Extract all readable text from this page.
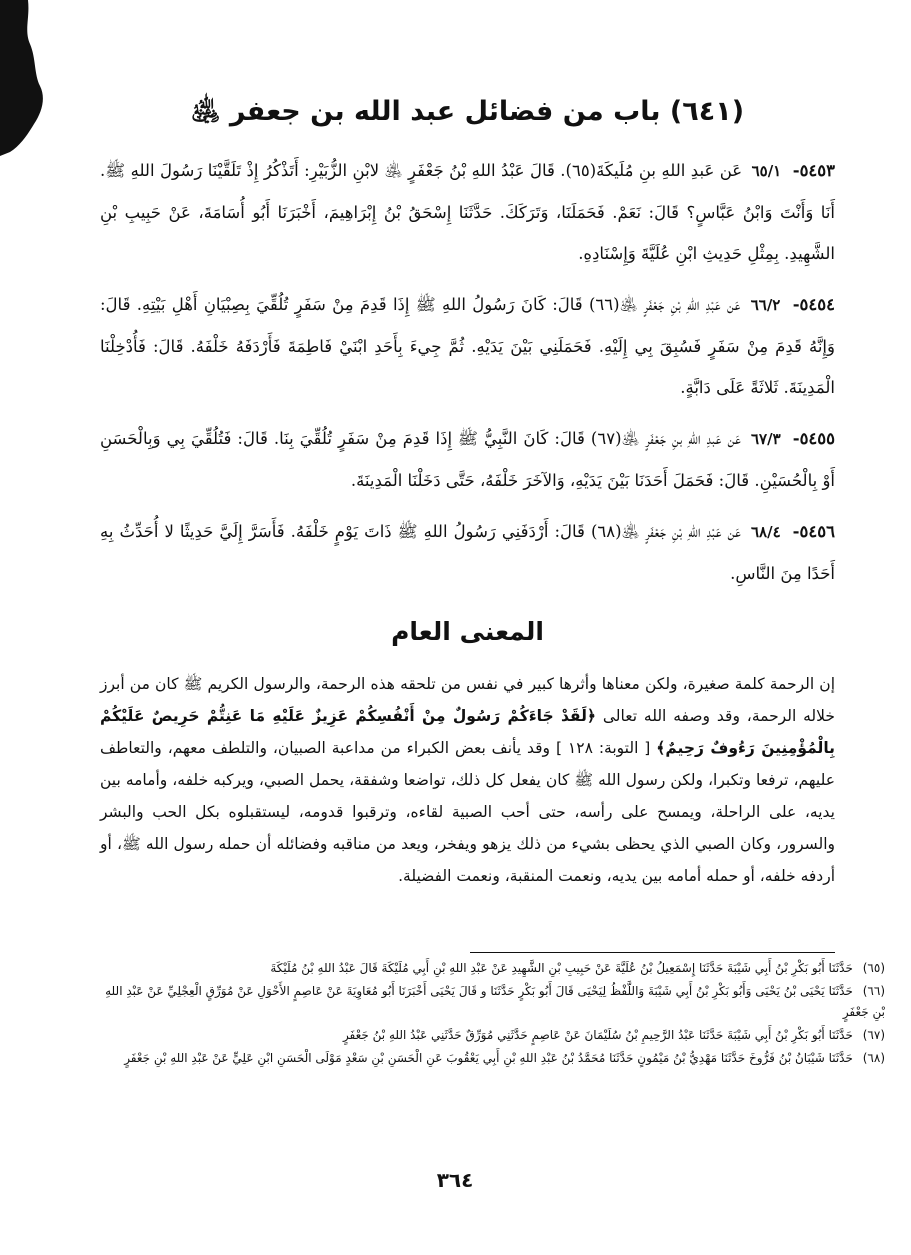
(٦٤١) باب من فضائل عبد الله بن جعفر ﵁

٥٤٥٣- ٦٥/١ عَن عَبدِ اللهِ بنِ مُلَيكَةَ(٦٥). قَالَ عَبْدُ اللهِ بْنُ جَعْفَرٍ ﵁ لابْنِ الزُّبَيْرِ: أَتَذْكُرُ إِذْ تَلَقَّيْنَا رَسُولَ اللهِ ﷺ. أَنَا وَأَنْتَ وَابْنُ عَبَّاسٍ؟ قَالَ: نَعَمْ. فَحَمَلَنَا، وَتَرَكَكَ. حَدَّثَنَا إِسْحَقُ بْنُ إِبْرَاهِيمَ، أَخْبَرَنَا أَبُو أُسَامَةَ، عَنْ حَبِيبِ بْنِ الشَّهِيدِ. بِمِثْلِ حَدِيثِ ابْنِ عُلَيَّةَ وَإِسْنَادِهِ.

٥٤٥٤- ٦٦/٢ عَن عَبْدِ اللهِ بْنِ جَعْفَرٍ ﵁(٦٦) قَالَ: كَانَ رَسُولُ اللهِ ﷺ إِذَا قَدِمَ مِنْ سَفَرٍ تُلُقِّيَ بِصِبْيَانِ أَهْلِ بَيْتِهِ. قَالَ: وَإِنَّهُ قَدِمَ مِنْ سَفَرٍ فَسُبِقَ بِي إِلَيْهِ. فَحَمَلَنِي بَيْنَ يَدَيْهِ. ثُمَّ جِيءَ بِأَحَدِ ابْنَيْ فَاطِمَةَ فَأَرْدَفَهُ خَلْفَهُ. قَالَ: فَأُدْخِلْنَا الْمَدِينَةَ. ثَلاثَةً عَلَى دَابَّةٍ.

٥٤٥٥- ٦٧/٣ عَن عَبدِ اللهِ بنِ جَعْفَرٍ ﵁(٦٧) قَالَ: كَانَ النَّبِيُّ ﷺ إِذَا قَدِمَ مِنْ سَفَرٍ تُلُقِّيَ بِنَا. قَالَ: فَتُلُقِّيَ بِي وَبِالْحَسَنِ أَوْ بِالْحُسَيْنِ. قَالَ: فَحَمَلَ أَحَدَنَا بَيْنَ يَدَيْهِ، وَالآخَرَ خَلْفَهُ، حَتَّى دَخَلْنَا الْمَدِينَةَ.

٥٤٥٦- ٦٨/٤ عَن عَبْدِ اللهِ بْنِ جَعْفَرٍ ﵁(٦٨) قَالَ: أَرْدَفَنِي رَسُولُ اللهِ ﷺ ذَاتَ يَوْمٍ خَلْفَهُ. فَأَسَرَّ إِلَيَّ حَدِيثًا لا أُحَدِّثُ بِهِ أَحَدًا مِنَ النَّاسِ.

المعنى العام

إن الرحمة كلمة صغيرة، ولكن معناها وأثرها كبير في نفس من تلحقه هذه الرحمة، والرسول الكريم ﷺ كان من أبرز خلاله الرحمة، وقد وصفه الله تعالى ﴿لَقَدْ جَاءَكُمْ رَسُولٌ مِنْ أَنْفُسِكُمْ عَزِيزٌ عَلَيْهِ مَا عَنِتُّمْ حَرِيصٌ عَلَيْكُمْ بِالْمُؤْمِنِينَ رَءُوفٌ رَحِيمٌ﴾ [ التوبة: ١٢٨ ] وقد يأنف بعض الكبراء من مداعبة الصبيان، والتلطف معهم، والتعاطف عليهم، ترفعا وتكبرا، ولكن رسول الله ﷺ كان يفعل كل ذلك، تواضعا وشفقة، يحمل الصبي، ويركبه خلفه، وأمامه بين يديه، على الراحلة، ويمسح على رأسه، حتى أحب الصبية لقاءه، وترقبوا قدومه، ليستقبلوه بكل الحب والبشر والسرور، وكان الصبي الذي يحظى بشيء من ذلك يزهو ويفخر، ويعد من مناقبه وفضائله أن حمله رسول الله ﷺ، أو أردفه خلفه، أو حمله أمامه بين يديه، ونعمت المنقبة، ونعمت الفضيلة.

(٦٥) حَدَّثَنَا أَبُو بَكْرِ بْنُ أَبِي شَيْبَةَ حَدَّثَنَا إِسْمَعِيلُ بْنُ عُلَيَّةَ عَنْ حَبِيبِ بْنِ الشَّهِيدِ عَنْ عَبْدِ اللهِ بْنِ أَبِي مُلَيْكَةَ قَالَ عَبْدُ اللهِ بْنُ مُلَيْكَةَ

(٦٦) حَدَّثَنَا يَحْيَى بْنُ يَحْيَى وَأَبُو بَكْرِ بْنُ أَبِي شَيْبَةَ وَاللَّفْظُ لِيَحْيَى قَالَ أَبُو بَكْرٍ حَدَّثَنَا و قَالَ يَحْيَى أَخْبَرَنَا أَبُو مُعَاوِيَةَ عَنْ عَاصِمٍ الأَحْوَلِ عَنْ مُوَرِّقٍ الْعِجْلِيِّ عَنْ عَبْدِ اللهِ بْنِ جَعْفَرٍ

(٦٧) حَدَّثَنَا أَبُو بَكْرِ بْنُ أَبِي شَيْبَةَ حَدَّثَنَا عَبْدُ الرَّحِيمِ بْنُ سُلَيْمَانَ عَنْ عَاصِمٍ حَدَّثَنِي مُوَرِّقٌ حَدَّثَنِي عَبْدُ اللهِ بْنُ جَعْفَرٍ

(٦٨) حَدَّثَنَا شَيْبَانُ بْنُ فَرُّوخَ حَدَّثَنَا مَهْدِيُّ بْنُ مَيْمُونٍ حَدَّثَنَا مُحَمَّدُ بْنُ عَبْدِ اللهِ بْنِ أَبِي يَعْقُوبَ عَنِ الْحَسَنِ بْنِ سَعْدٍ مَوْلَى الْحَسَنِ ابْنِ عَلِيٍّ عَنْ عَبْدِ اللهِ بْنِ جَعْفَرٍ

٣٦٤
